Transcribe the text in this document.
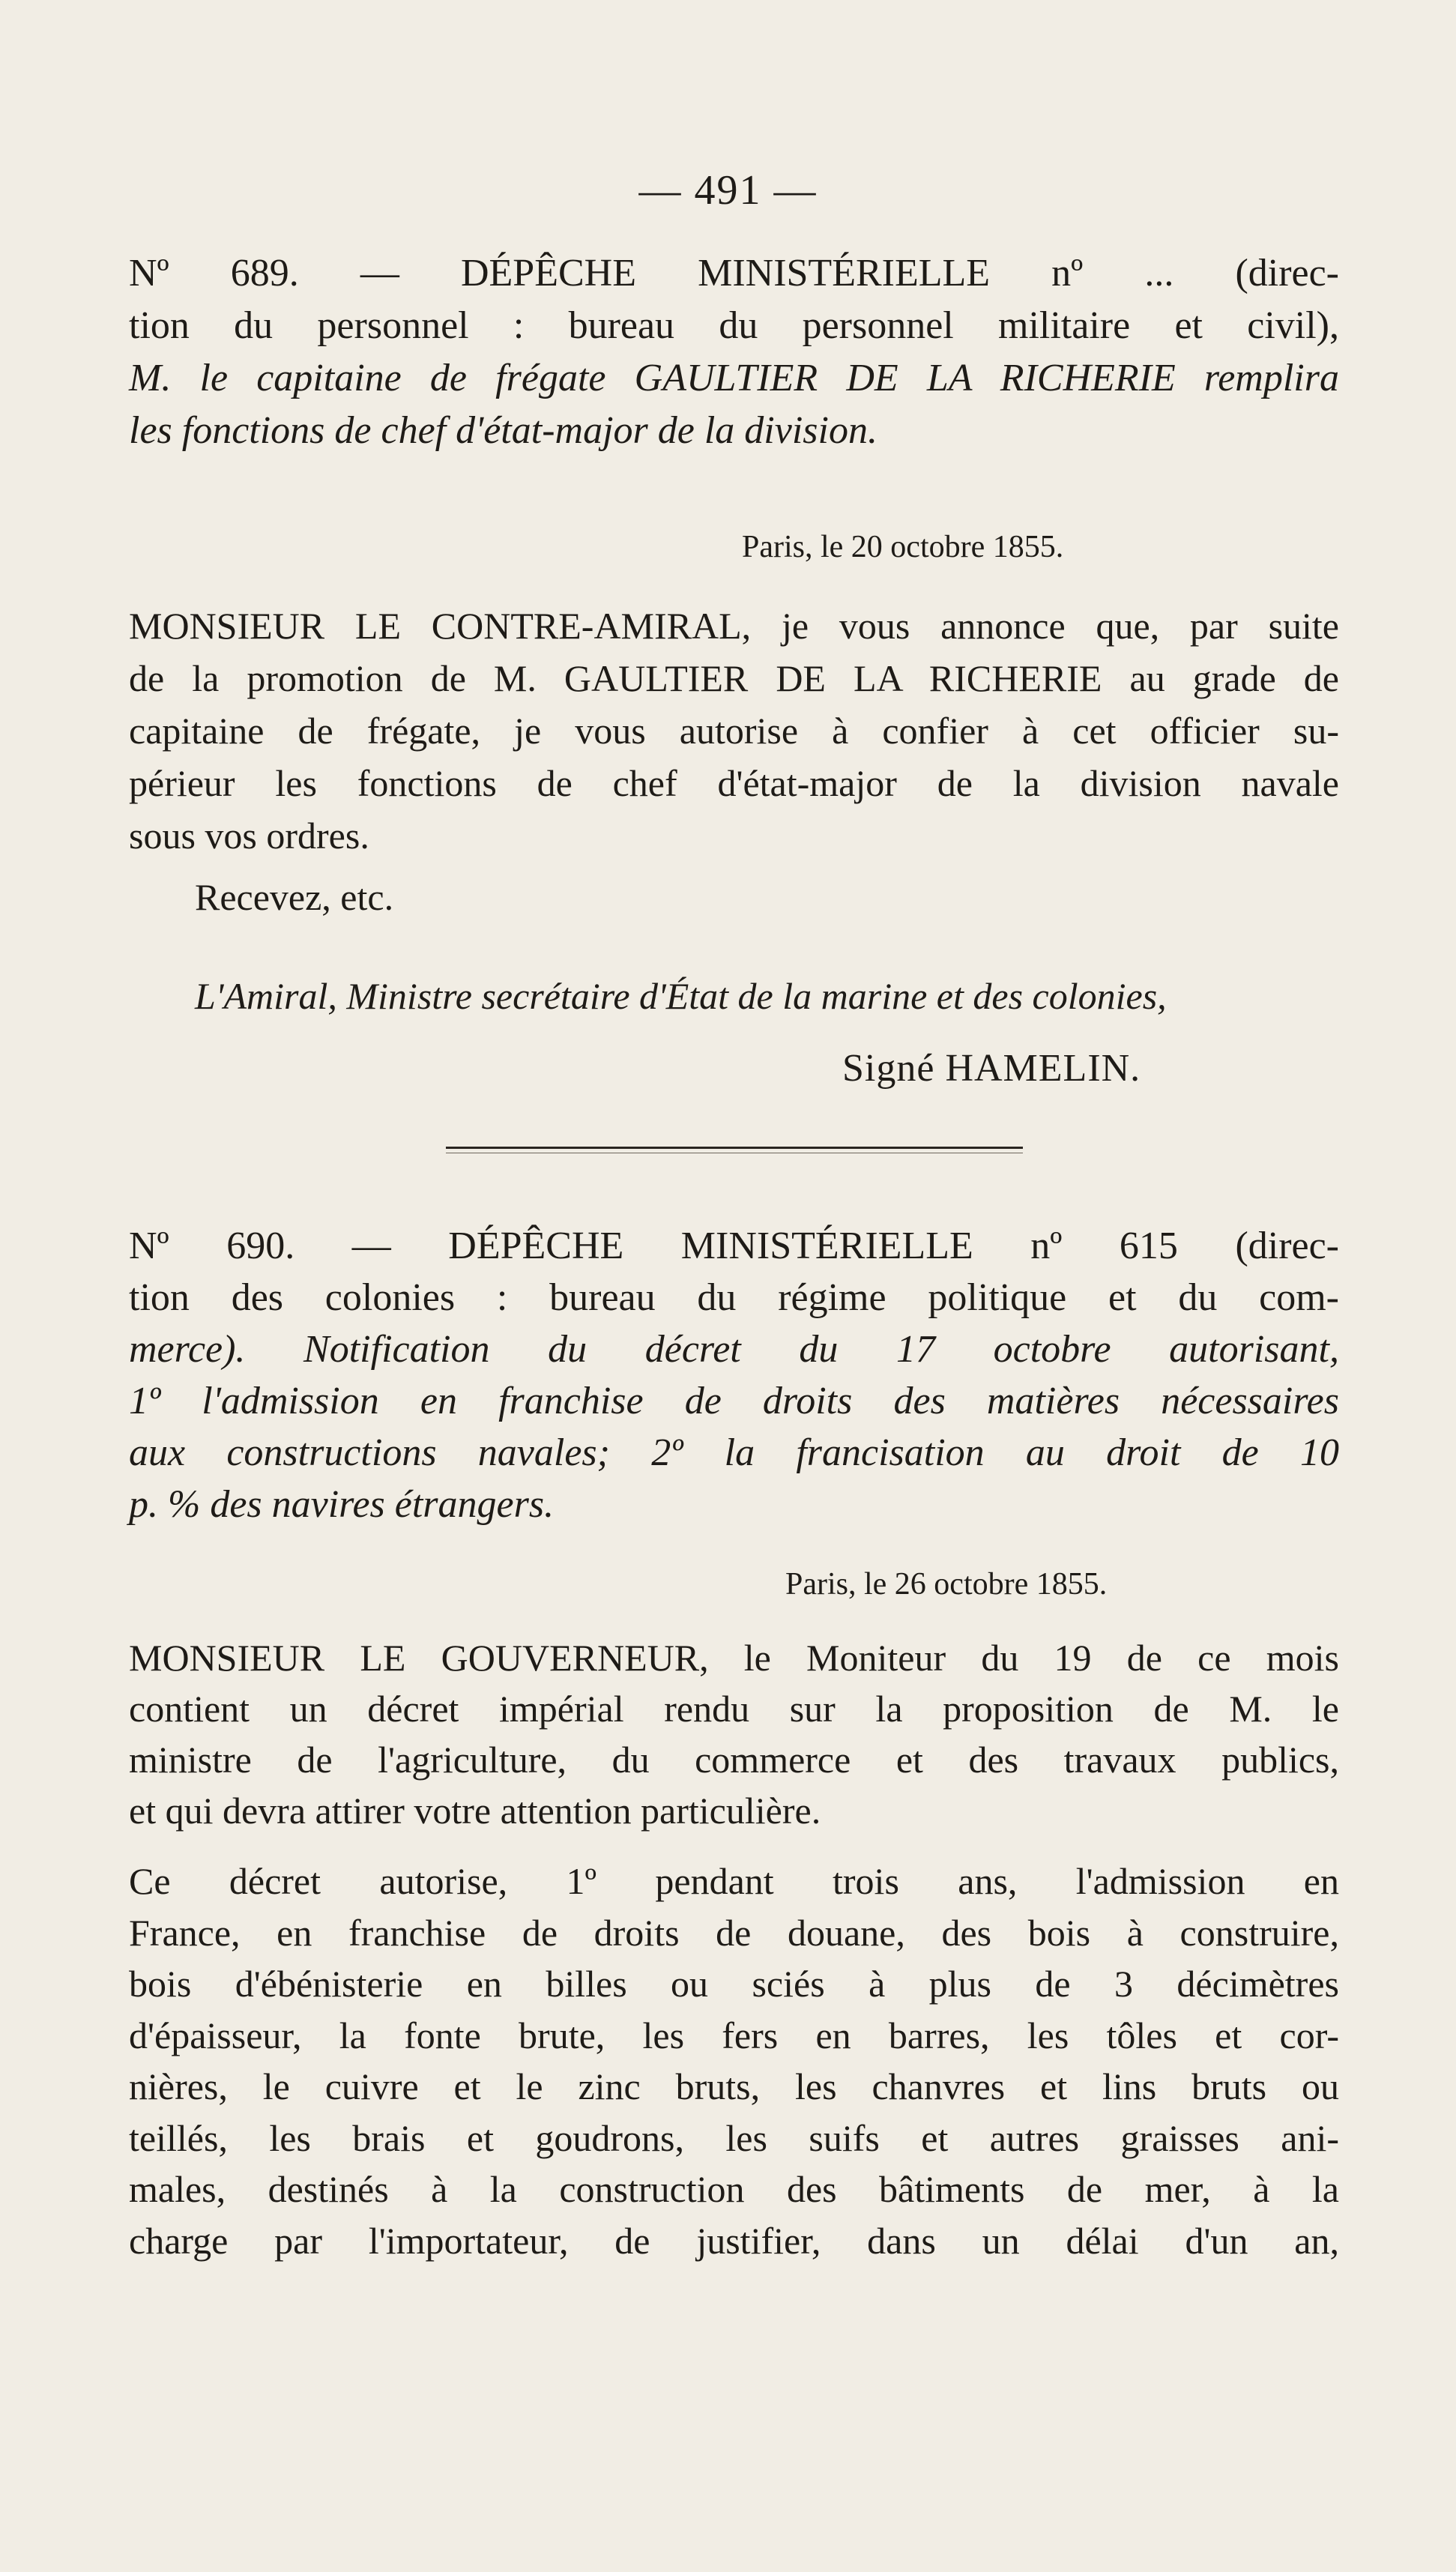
— 491 —

Nº 689. — DÉPÊCHE MINISTÉRIELLE nº ... (direc-

tion du personnel : bureau du personnel militaire et civil),

M. le capitaine de frégate GAULTIER DE LA RICHERIE remplira

les fonctions de chef d'état-major de la division.

Paris, le 20 octobre 1855.

MONSIEUR LE CONTRE-AMIRAL, je vous annonce que, par suite

de la promotion de M. GAULTIER DE LA RICHERIE au grade de

capitaine de frégate, je vous autorise à confier à cet officier su-

périeur les fonctions de chef d'état-major de la division navale

sous vos ordres.

Recevez, etc.
L'Amiral, Ministre secrétaire d'État de la marine et des colonies,
Signé HAMELIN.

Nº 690. — DÉPÊCHE MINISTÉRIELLE nº 615 (direc-

tion des colonies : bureau du régime politique et du com-

merce). Notification du décret du 17 octobre autorisant,

1º l'admission en franchise de droits des matières nécessaires

aux constructions navales; 2º la francisation au droit de 10

p. % des navires étrangers.

Paris, le 26 octobre 1855.

MONSIEUR LE GOUVERNEUR, le Moniteur du 19 de ce mois

contient un décret impérial rendu sur la proposition de M. le

ministre de l'agriculture, du commerce et des travaux publics,

et qui devra attirer votre attention particulière.

Ce décret autorise, 1º pendant trois ans, l'admission en

France, en franchise de droits de douane, des bois à construire,

bois d'ébénisterie en billes ou sciés à plus de 3 décimètres

d'épaisseur, la fonte brute, les fers en barres, les tôles et cor-

nières, le cuivre et le zinc bruts, les chanvres et lins bruts ou

teillés, les brais et goudrons, les suifs et autres graisses ani-

males, destinés à la construction des bâtiments de mer, à la

charge par l'importateur, de justifier, dans un délai d'un an,
